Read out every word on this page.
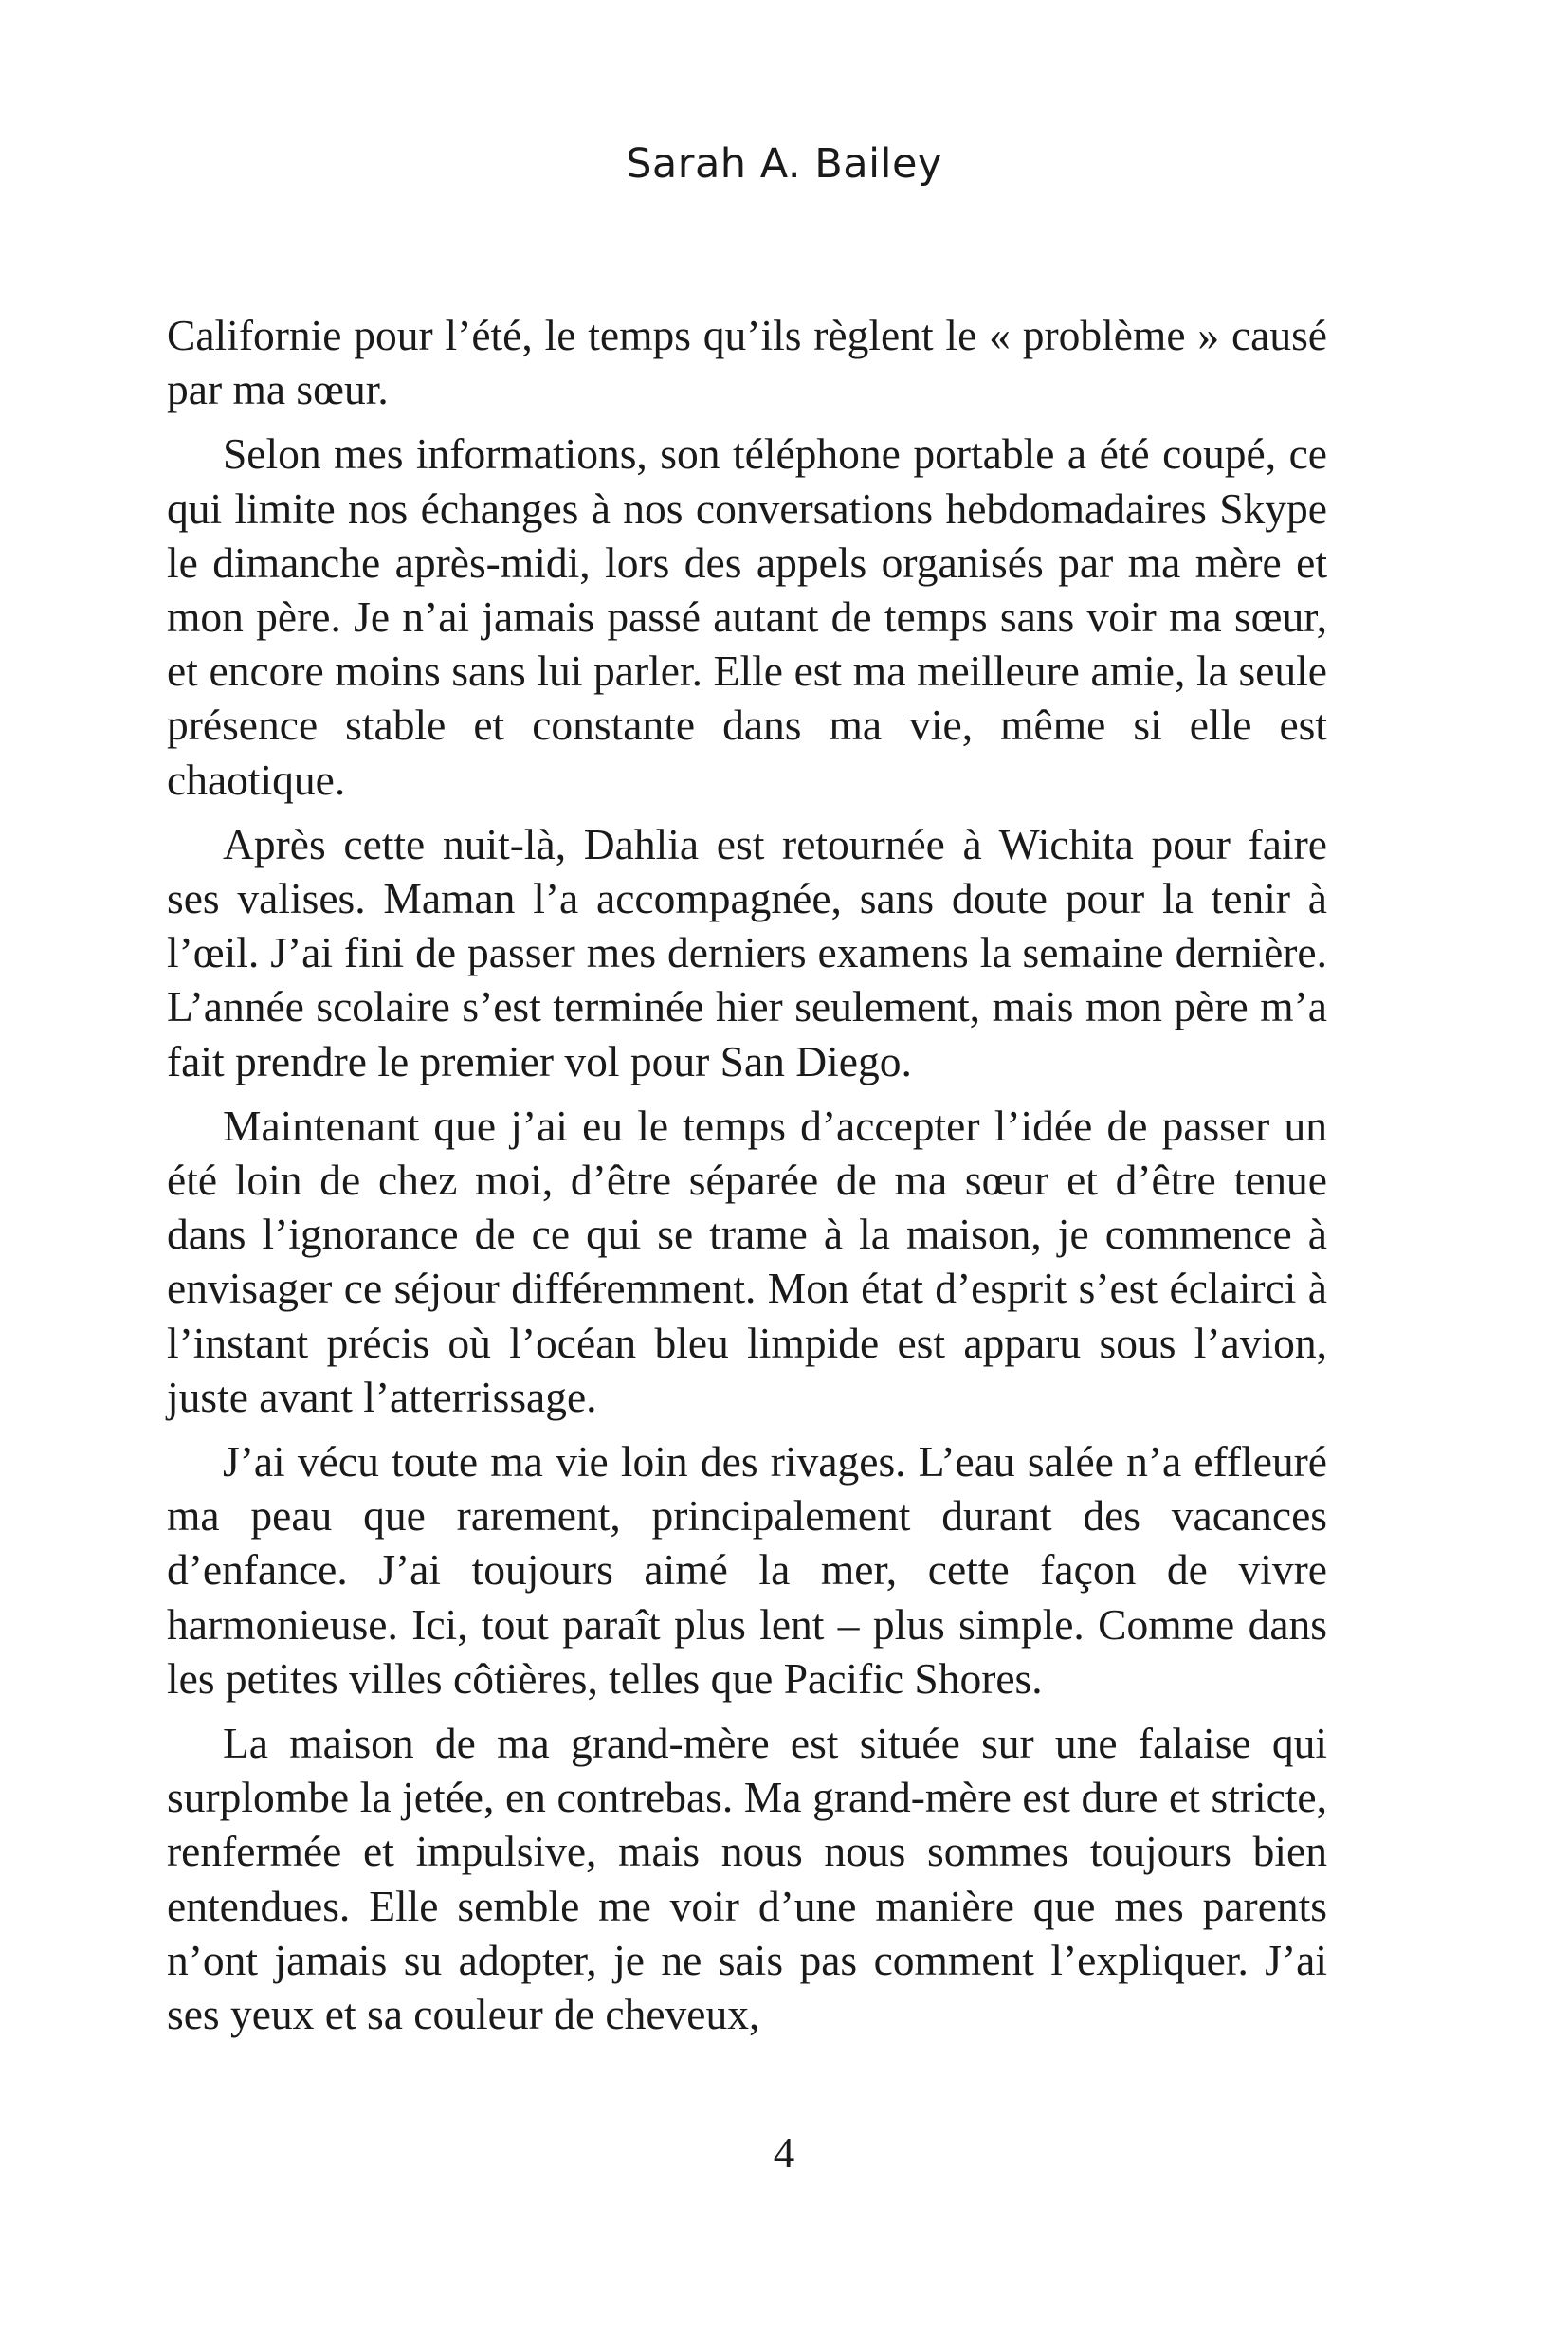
Sarah A. Bailey

Californie pour l’été, le temps qu’ils règlent le « problème » causé par ma sœur.

Selon mes informations, son téléphone portable a été coupé, ce qui limite nos échanges à nos conversations hebdomadaires Skype le dimanche après-midi, lors des appels organisés par ma mère et mon père. Je n’ai jamais passé autant de temps sans voir ma sœur, et encore moins sans lui parler. Elle est ma meilleure amie, la seule présence stable et constante dans ma vie, même si elle est chaotique.

Après cette nuit-là, Dahlia est retournée à Wichita pour faire ses valises. Maman l’a accompagnée, sans doute pour la tenir à l’œil. J’ai fini de passer mes derniers examens la semaine dernière. L’année scolaire s’est terminée hier seulement, mais mon père m’a fait prendre le premier vol pour San Diego.

Maintenant que j’ai eu le temps d’accepter l’idée de passer un été loin de chez moi, d’être séparée de ma sœur et d’être tenue dans l’ignorance de ce qui se trame à la maison, je commence à envisager ce séjour différemment. Mon état d’esprit s’est éclairci à l’instant précis où l’océan bleu limpide est apparu sous l’avion, juste avant l’atterrissage.

J’ai vécu toute ma vie loin des rivages. L’eau salée n’a effleuré ma peau que rarement, principalement durant des vacances d’enfance. J’ai toujours aimé la mer, cette façon de vivre harmonieuse. Ici, tout paraît plus lent – plus simple. Comme dans les petites villes côtières, telles que Pacific Shores.

La maison de ma grand-mère est située sur une falaise qui surplombe la jetée, en contrebas. Ma grand-mère est dure et stricte, renfermée et impulsive, mais nous nous sommes toujours bien entendues. Elle semble me voir d’une manière que mes parents n’ont jamais su adopter, je ne sais pas comment l’expliquer. J’ai ses yeux et sa couleur de cheveux,

4
